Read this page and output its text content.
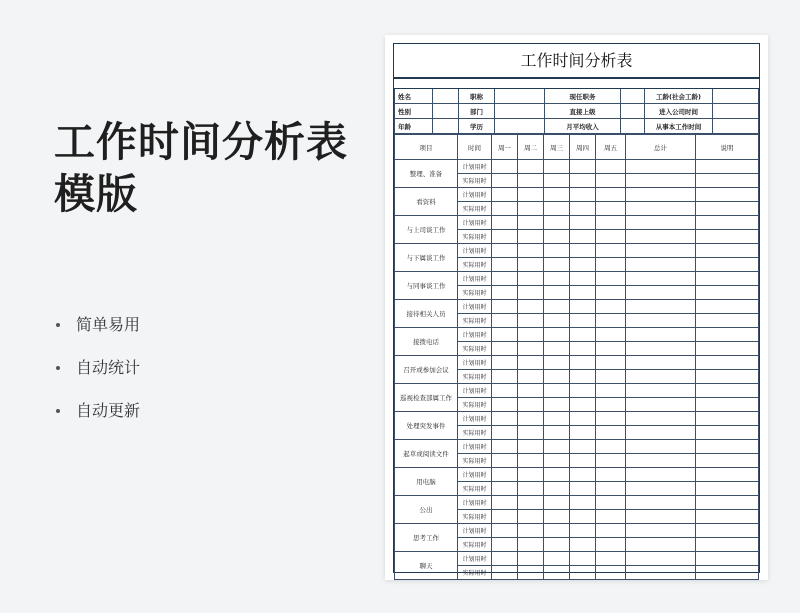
工作时间分析表
模版
简单易用
自动统计
自动更新
工作时间分析表
姓名		职称		现任职务		工龄(社会工龄)	
性别		部门		直接上级		进入公司时间	
年龄		学历		月平均收入		从事本工作时间	
项目	时间	周一	周二	周三	周四	周五	总计	说明
整理、准备	计划用时							
	实际用时							
看资料	计划用时							
	实际用时							
与上司谈工作	计划用时							
	实际用时							
与下属谈工作	计划用时							
	实际用时							
与同事谈工作	计划用时							
	实际用时							
接待相关人员	计划用时							
	实际用时							
接拨电话	计划用时							
	实际用时							
召开或参加会议	计划用时							
	实际用时							
巡视检查部属工作	计划用时							
	实际用时							
处理突发事件	计划用时							
	实际用时							
起草或阅读文件	计划用时							
	实际用时							
用电脑	计划用时							
	实际用时							
公出	计划用时							
	实际用时							
思考工作	计划用时							
	实际用时							
聊天	计划用时							
	实际用时							
